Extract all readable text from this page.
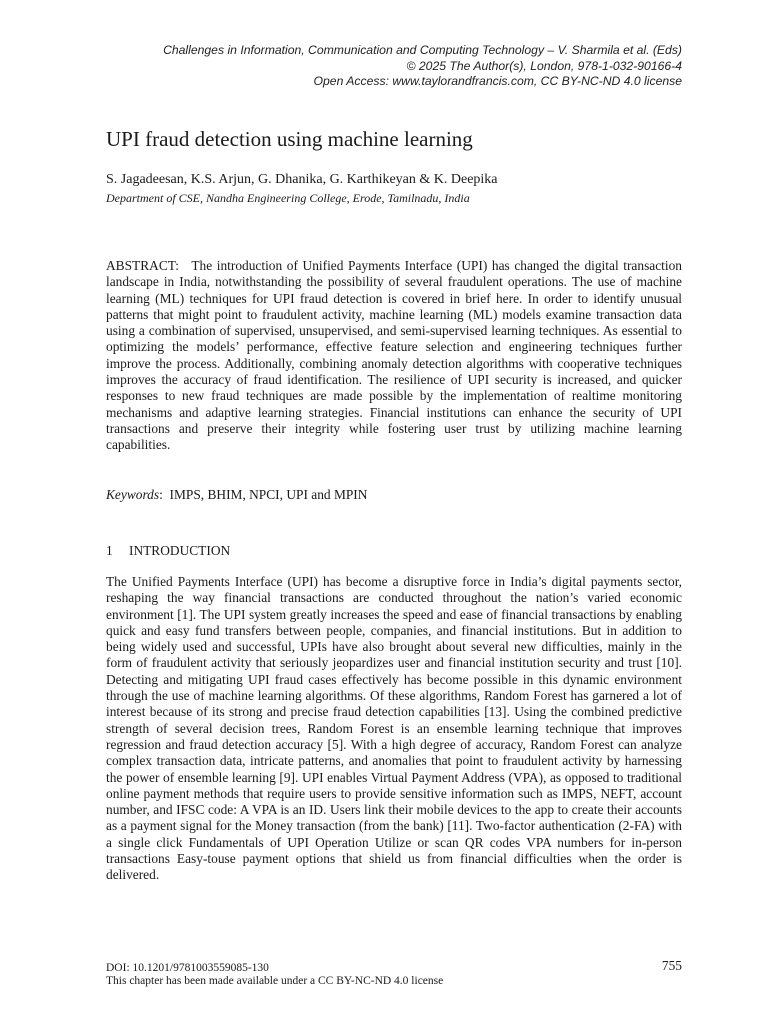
Challenges in Information, Communication and Computing Technology – V. Sharmila et al. (Eds)
© 2025 The Author(s), London, 978-1-032-90166-4
Open Access: www.taylorandfrancis.com, CC BY-NC-ND 4.0 license
UPI fraud detection using machine learning
S. Jagadeesan, K.S. Arjun, G. Dhanika, G. Karthikeyan & K. Deepika
Department of CSE, Nandha Engineering College, Erode, Tamilnadu, India

ABSTRACT: The introduction of Unified Payments Interface (UPI) has changed the digital transaction landscape in India, notwithstanding the possibility of several fraudulent operations. The use of machine learning (ML) techniques for UPI fraud detection is covered in brief here. In order to identify unusual patterns that might point to fraudulent activity, machine learning (ML) models examine transaction data using a combination of supervised, unsupervised, and semi-supervised learning techniques. As essential to optimizing the models’ performance, effective feature selection and engineering techniques further improve the process. Additionally, combining anomaly detection algorithms with cooperative techniques improves the accuracy of fraud identification. The resilience of UPI security is increased, and quicker responses to new fraud techniques are made possible by the implementation of realtime monitoring mechanisms and adaptive learning strategies. Financial institutions can enhance the security of UPI transactions and preserve their integrity while fostering user trust by utilizing machine learning capabilities.

Keywords: IMPS, BHIM, NPCI, UPI and MPIN
1 INTRODUCTION

The Unified Payments Interface (UPI) has become a disruptive force in India’s digital payments sector, reshaping the way financial transactions are conducted throughout the nation’s varied economic environment [1]. The UPI system greatly increases the speed and ease of financial transactions by enabling quick and easy fund transfers between people, companies, and financial institutions. But in addition to being widely used and successful, UPIs have also brought about several new difficulties, mainly in the form of fraudulent activity that seriously jeopardizes user and financial institution security and trust [10]. Detecting and mitigating UPI fraud cases effectively has become possible in this dynamic environment through the use of machine learning algorithms. Of these algorithms, Random Forest has garnered a lot of interest because of its strong and precise fraud detection capabilities [13]. Using the combined predictive strength of several decision trees, Random Forest is an ensemble learning technique that improves regression and fraud detection accuracy [5]. With a high degree of accuracy, Random Forest can analyze complex transaction data, intricate patterns, and anomalies that point to fraudulent activity by harnessing the power of ensemble learning [9]. UPI enables Virtual Payment Address (VPA), as opposed to traditional online payment methods that require users to provide sensitive information such as IMPS, NEFT, account number, and IFSC code: A VPA is an ID. Users link their mobile devices to the app to create their accounts as a payment signal for the Money transaction (from the bank) [11]. Two-factor authentication (2-FA) with a single click Fundamentals of UPI Operation Utilize or scan QR codes VPA numbers for in-person transactions Easy-touse payment options that shield us from financial difficulties when the order is delivered.

DOI: 10.1201/9781003559085-130
This chapter has been made available under a CC BY-NC-ND 4.0 license
755
